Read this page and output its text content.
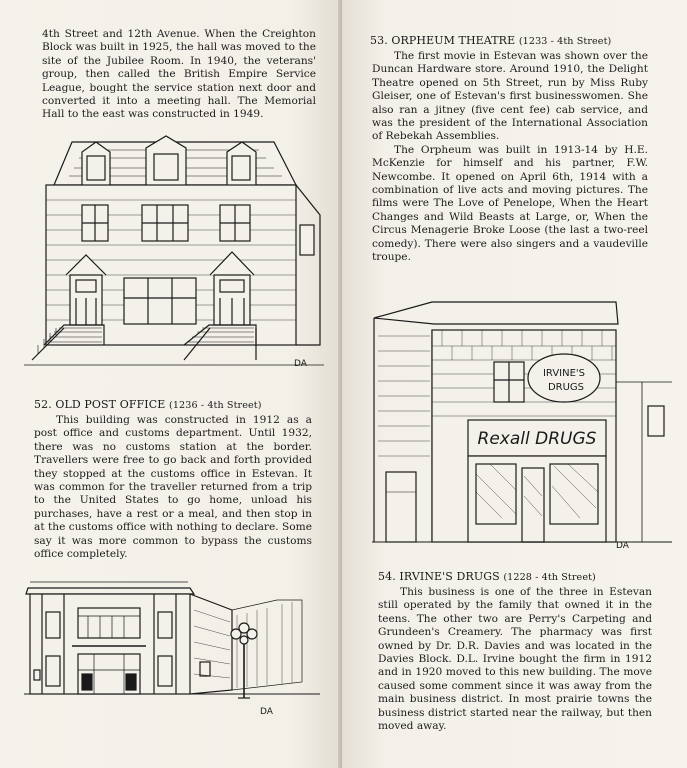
4th Street and 12th Avenue. When the Creighton Block was built in 1925, the hall was moved to the site of the Jubilee Room. In 1940, the veterans' group, then called the British Empire Service League, bought the service station next door and converted it into a meeting hall. The Memorial Hall to the east was constructed in 1949.

DA
52. OLD POST OFFICE (1236 - 4th Street)

This building was constructed in 1912 as a post office and customs department. Until 1932, there was no customs station at the border. Travellers were free to go back and forth provided they stopped at the customs office in Estevan. It was common for the traveller returned from a trip to the United States to go home, unload his purchases, have a rest or a meal, and then stop in at the customs office with nothing to declare. Some say it was more common to bypass the customs office completely.

DA
53. ORPHEUM THEATRE (1233 - 4th Street)

The first movie in Estevan was shown over the Duncan Hardware store. Around 1910, the Delight Theatre opened on 5th Street, run by Miss Ruby Gleiser, one of Estevan's first businesswomen. She also ran a jitney (five cent fee) cab service, and was the president of the International Association of Rebekah Assemblies.

The Orpheum was built in 1913-14 by H.E. McKenzie for himself and his partner, F.W. Newcombe. It opened on April 6th, 1914 with a combination of live acts and moving pictures. The films were The Love of Penelope, When the Heart Changes and Wild Beasts at Large, or, When the Circus Menagerie Broke Loose (the last a two-reel comedy). There were also singers and a vaudeville troupe.

IRVINE'S
DRUGS
Rexall DRUGS
DA
54. IRVINE'S DRUGS (1228 - 4th Street)

This business is one of the three in Estevan still operated by the family that owned it in the teens. The other two are Perry's Carpeting and Grundeen's Creamery. The pharmacy was first owned by Dr. D.R. Davies and was located in the Davies Block. D.L. Irvine bought the firm in 1912 and in 1920 moved to this new building. The move caused some comment since it was away from the main business district. In most prairie towns the business district started near the railway, but then moved away.
